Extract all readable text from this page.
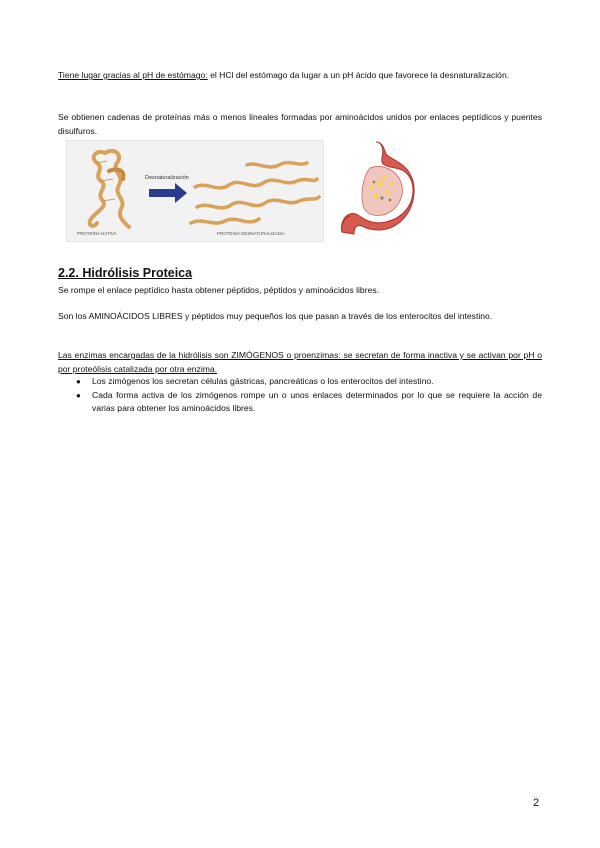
Tiene lugar gracias al pH de estómago: el HCl del estómago da lugar a un pH ácido que favorece la desnaturalización.
Se obtienen cadenas de proteínas más o menos lineales formadas por aminoácidos unidos por enlaces peptídicos y puentes disulfuros.
Desnaturalización
PROTEÍNA NATIVA	PROTEÍNA DESNATURALIZADA
2.2. Hidrólisis Proteica
Se rompe el enlace peptídico hasta obtener péptidos, péptidos y aminoácidos libres.
Son los AMINOÁCIDOS LIBRES y péptidos muy pequeños los que pasan a través de los enterocitos del intestino.
Las enzimas encargadas de la hidrólisis son ZIMÓGENOS o proenzimas: se secretan de forma inactiva y se activan por pH o por proteólisis catalizada por otra enzima.
● Los zimógenos los secretan células gástricas, pancreáticas o los enterocitos del intestino.
● Cada forma activa de los zimógenos rompe un o unos enlaces determinados por lo que se requiere la acción de varias para obtener los aminoácidos libres.
2
